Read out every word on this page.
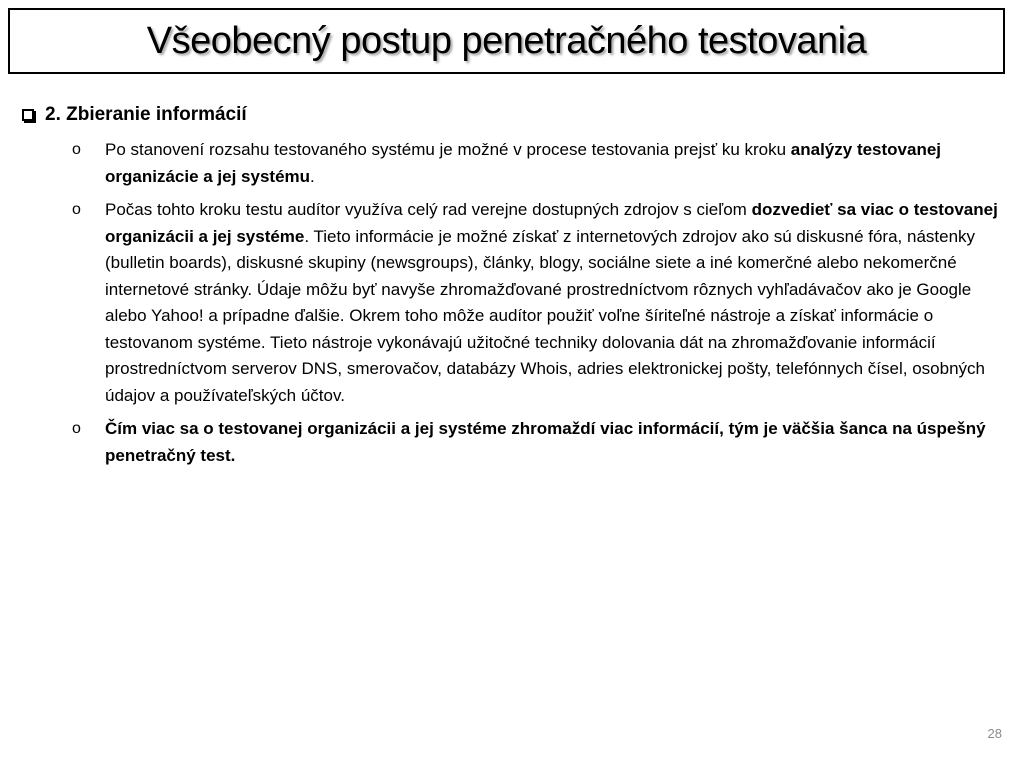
Všeobecný postup penetračného testovania
2. Zbieranie informácií
o	Po stanovení rozsahu testovaného systému je možné v procese testovania prejsť ku kroku analýzy testovanej organizácie a jej systému.
o	Počas tohto kroku testu audítor využíva celý rad verejne dostupných zdrojov s cieľom dozvedieť sa viac o testovanej organizácii a jej systéme. Tieto informácie je možné získať z internetových zdrojov ako sú diskusné fóra, nástenky (bulletin boards), diskusné skupiny (newsgroups), články, blogy, sociálne siete a iné komerčné alebo nekomerčné internetové stránky. Údaje môžu byť navyše zhromažďované prostredníctvom rôznych vyhľadávačov ako je Google alebo Yahoo! a prípadne ďalšie. Okrem toho môže audítor použiť voľne šíriteľné nástroje a získať informácie o testovanom systéme. Tieto nástroje vykonávajú užitočné techniky dolovania dát na zhromažďovanie informácií prostredníctvom serverov DNS, smerovačov, databázy Whois, adries elektronickej pošty, telefónnych čísel, osobných údajov a používateľských účtov.
o	Čím viac sa o testovanej organizácii a jej systéme zhromaždí viac informácií, tým je väčšia šanca na úspešný penetračný test.
28
